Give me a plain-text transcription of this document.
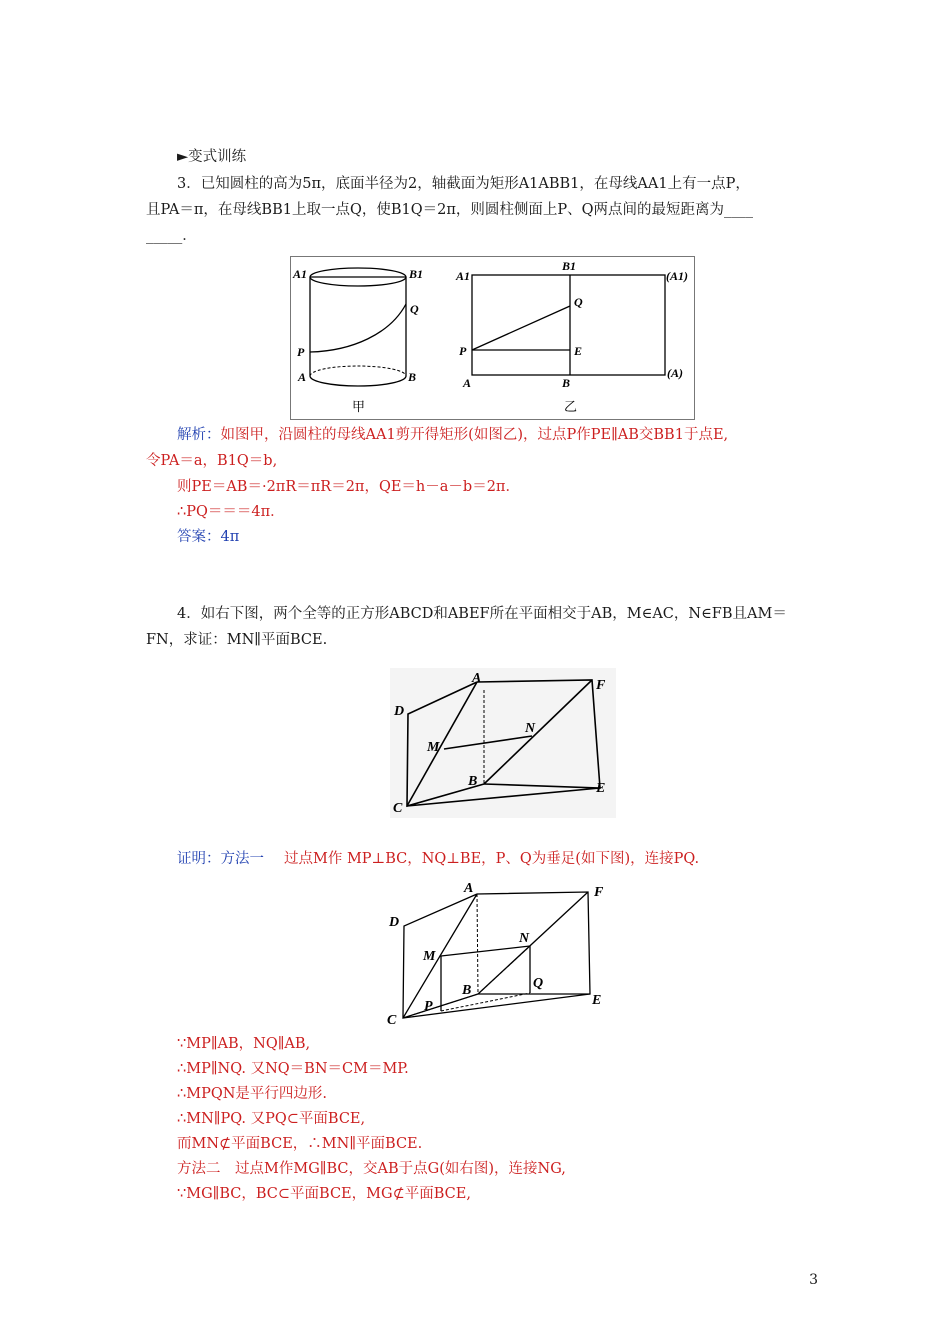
►变式训练
3．已知圆柱的高为5π，底面半径为2，轴截面为矩形A1ABB1，在母线AA1上有一点P，
且PA＝π，在母线BB1上取一点Q，使B1Q＝2π，则圆柱侧面上P、Q两点间的最短距离为____
_____．
A1	B1
Q
P
A	B
甲
A1
B1
(A1)
Q
P	E
A	B
(A)
乙
解析：如图甲，沿圆柱的母线AA1剪开得矩形(如图乙)，过点P作PE∥AB交BB1于点E,
令PA＝a，B1Q＝b,
则PE＝AB＝·2πR＝πR＝2π，QE＝h－a－b＝2π．
∴PQ＝＝＝4π．
答案：4π
4．如右下图，两个全等的正方形ABCD和ABEF所在平面相交于AB，M∈AC，N∈FB且AM＝
FN，求证：MN∥平面BCE.
A	F
D
N
M
B
C
E
证明：方法一 过点M作 MP⊥BC，NQ⊥BE，P、Q为垂足(如下图)，连接PQ.
A	F
D
N
M
Q
B
P
C
E
∵MP∥AB，NQ∥AB,
∴MP∥NQ. 又NQ＝BN＝CM＝MP.
∴MPQN是平行四边形.
∴MN∥PQ. 又PQ⊂平面BCE,
而MN⊄平面BCE，∴MN∥平面BCE.
方法二　过点M作MG∥BC，交AB于点G(如右图)，连接NG,
∵MG∥BC，BC⊂平面BCE，MG⊄平面BCE,
3
